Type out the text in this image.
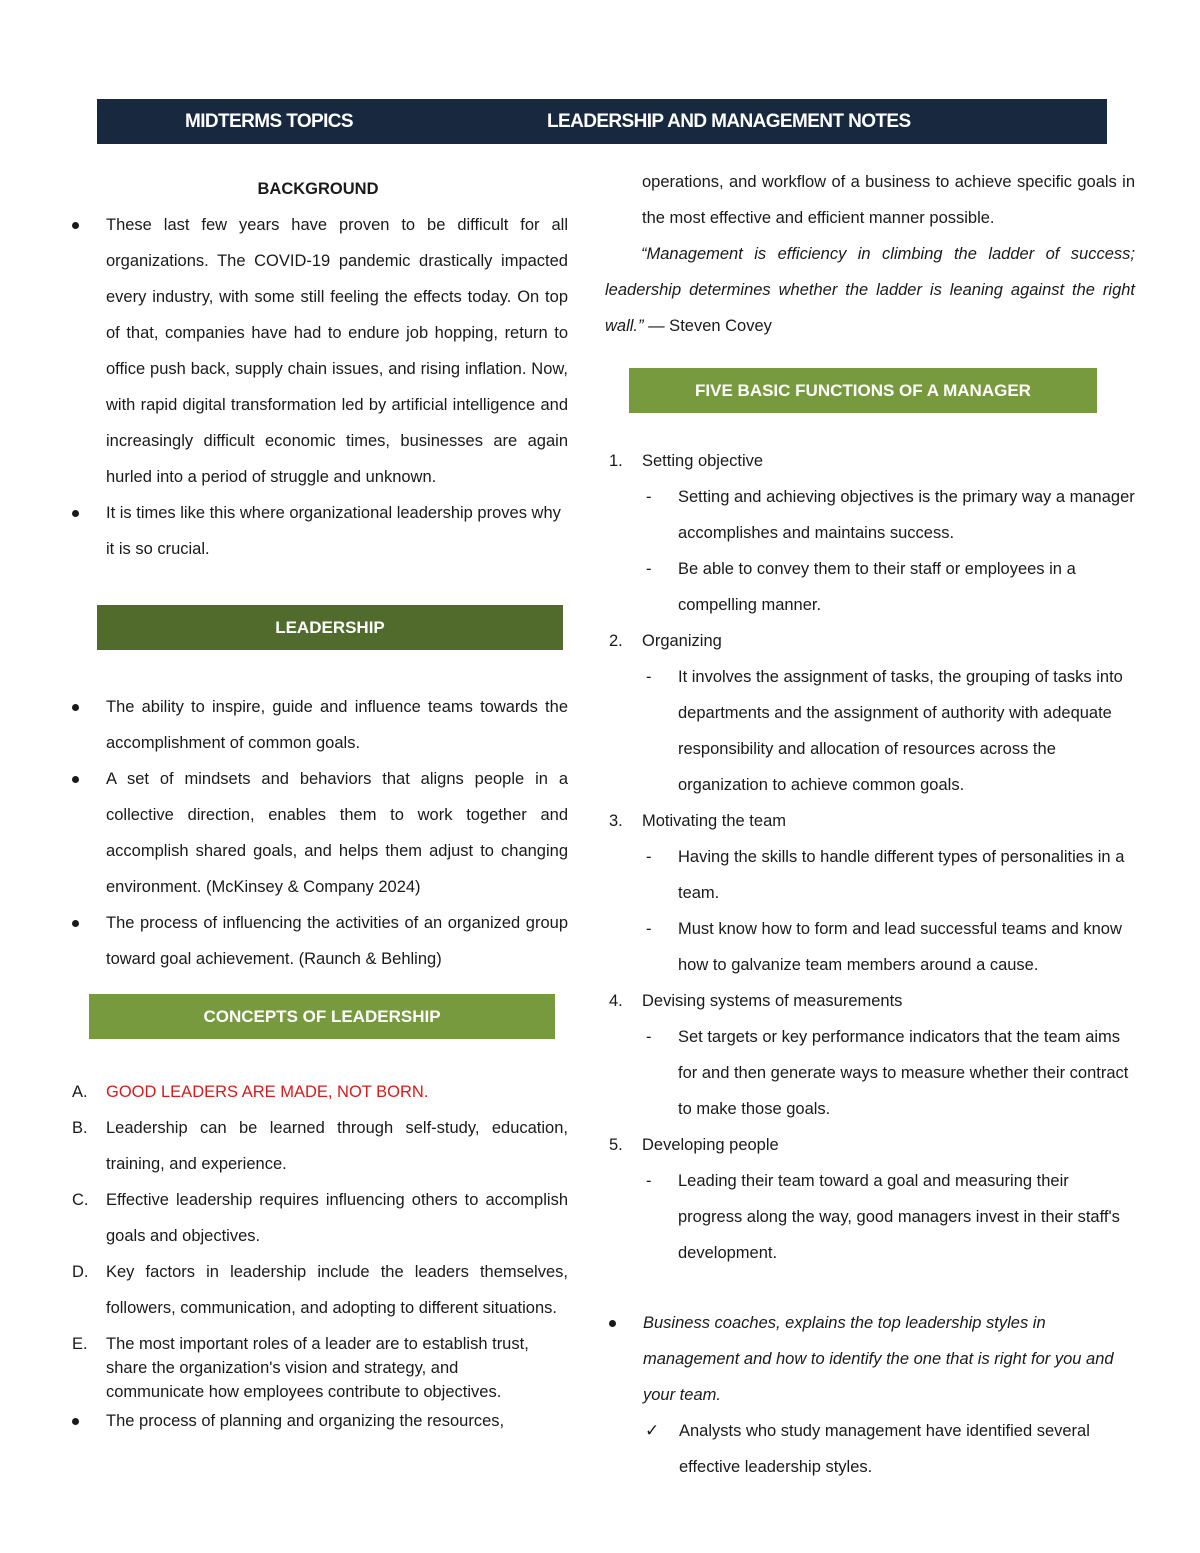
MIDTERMS TOPICS	LEADERSHIP AND MANAGEMENT NOTES
BACKGROUND
These last few years have proven to be difficult for all organizations. The COVID-19 pandemic drastically impacted every industry, with some still feeling the effects today. On top of that, companies have had to endure job hopping, return to office push back, supply chain issues, and rising inflation. Now, with rapid digital transformation led by artificial intelligence and increasingly difficult economic times, businesses are again hurled into a period of struggle and unknown.
It is times like this where organizational leadership proves why it is so crucial.
LEADERSHIP
The ability to inspire, guide and influence teams towards the accomplishment of common goals.
A set of mindsets and behaviors that aligns people in a collective direction, enables them to work together and accomplish shared goals, and helps them adjust to changing environment. (McKinsey & Company 2024)
The process of influencing the activities of an organized group toward goal achievement. (Raunch & Behling)
CONCEPTS OF LEADERSHIP
A. GOOD LEADERS ARE MADE, NOT BORN.
B. Leadership can be learned through self-study, education, training, and experience.
C. Effective leadership requires influencing others to accomplish goals and objectives.
D. Key factors in leadership include the leaders themselves, followers, communication, and adopting to different situations.
E. The most important roles of a leader are to establish trust, share the organization's vision and strategy, and communicate how employees contribute to objectives.
The process of planning and organizing the resources,
operations, and workflow of a business to achieve specific goals in the most effective and efficient manner possible.
“Management is efficiency in climbing the ladder of success; leadership determines whether the ladder is leaning against the right wall.” — Steven Covey
FIVE BASIC FUNCTIONS OF A MANAGER
1. Setting objective
- Setting and achieving objectives is the primary way a manager accomplishes and maintains success.
- Be able to convey them to their staff or employees in a compelling manner.
2. Organizing
- It involves the assignment of tasks, the grouping of tasks into departments and the assignment of authority with adequate responsibility and allocation of resources across the organization to achieve common goals.
3. Motivating the team
- Having the skills to handle different types of personalities in a team.
- Must know how to form and lead successful teams and know how to galvanize team members around a cause.
4. Devising systems of measurements
- Set targets or key performance indicators that the team aims for and then generate ways to measure whether their contract to make those goals.
5. Developing people
- Leading their team toward a goal and measuring their progress along the way, good managers invest in their staff's development.
Business coaches, explains the top leadership styles in management and how to identify the one that is right for you and your team.
✓ Analysts who study management have identified several effective leadership styles.
